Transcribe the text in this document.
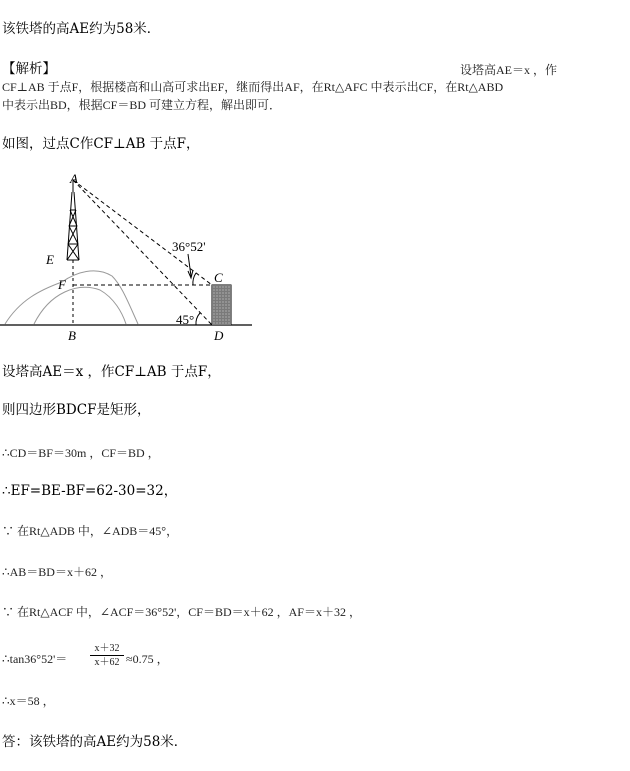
该铁塔的高AE约为58米．
【解析】	设塔高AE＝x ，作
CF⊥AB 于点F，根据楼高和山高可求出EF，继而得出AF，在Rt△AFC 中表示出CF，在Rt△ABD
中表示出BD，根据CF＝BD 可建立方程，解出即可．
如图，过点C作CF⊥AB 于点F，
A
E
F
B
C
D
36°52'
45°
设塔高AE＝x ，作CF⊥AB 于点F，
则四边形BDCF是矩形，
∴CD＝BF＝30m ，CF＝BD ，
∴EF=BE-BF=62-30=32，
∵ 在Rt△ADB 中，∠ADB＝45°，
∴AB＝BD＝x＋62 ，
∵ 在Rt△ACF 中，∠ACF＝36°52'，CF＝BD＝x＋62 ，AF＝x＋32 ，
∴tan36°52'＝ $\frac{x+32}{x+62} \approx 0.75$ ，
∴x＝58 ，
答：该铁塔的高AE约为58米．
